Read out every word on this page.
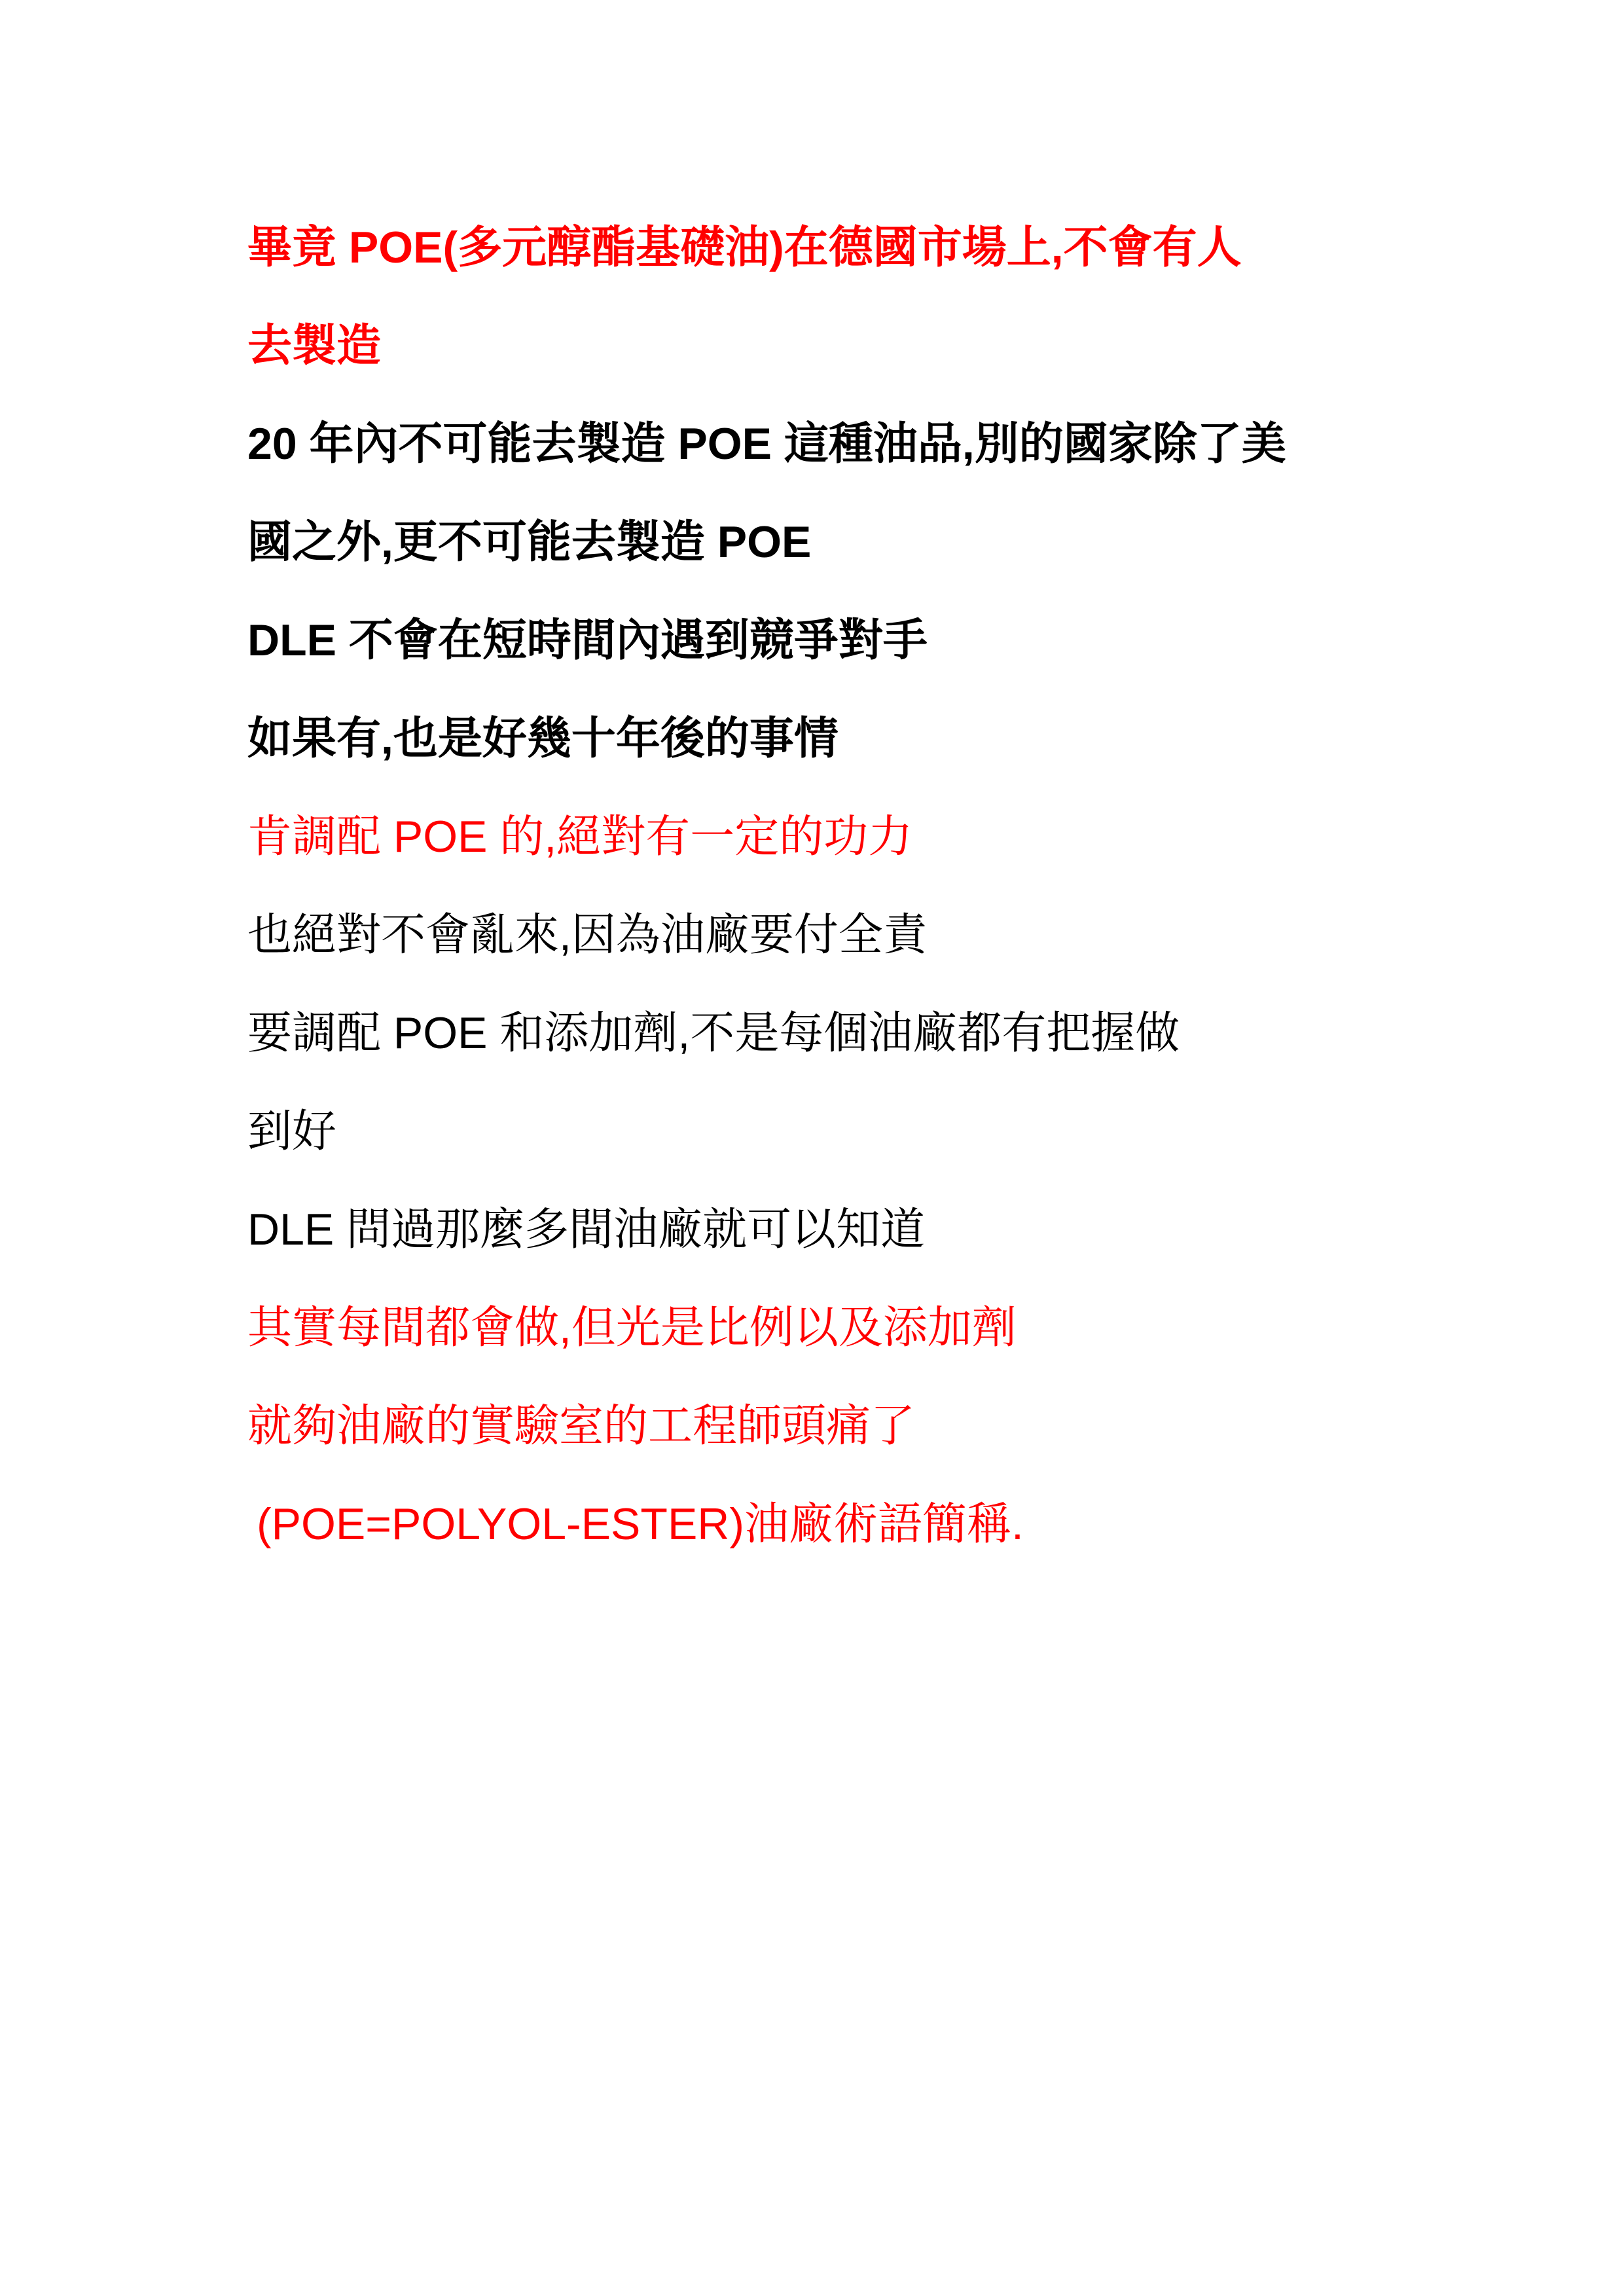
畢竟 POE(多元醇酯基礎油)在德國市場上,不會有人
去製造
20 年內不可能去製造 POE 這種油品,別的國家除了美
國之外,更不可能去製造 POE
DLE 不會在短時間內遇到競爭對手
如果有,也是好幾十年後的事情
肯調配 POE 的,絕對有一定的功力
也絕對不會亂來,因為油廠要付全責
要調配 POE 和添加劑,不是每個油廠都有把握做
到好
DLE 問過那麼多間油廠就可以知道
其實每間都會做,但光是比例以及添加劑
就夠油廠的實驗室的工程師頭痛了
(POE=POLYOL-ESTER)油廠術語簡稱.
